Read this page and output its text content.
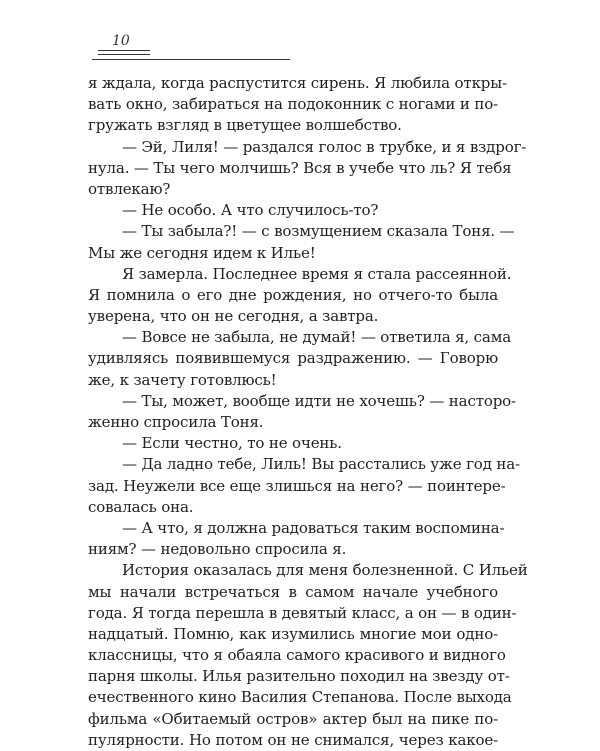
10
я ждала, когда распустится сирень. Я любила откры-
вать окно, забираться на подоконник с ногами и по-
гружать взгляд в цветущее волшебство.
— Эй, Лиля! — раздался голос в трубке, и я вздрог-
нула. — Ты чего молчишь? Вся в учебе что ль? Я тебя
отвлекаю?
— Не особо. А что случилось-то?
— Ты забыла?! — с возмущением сказала Тоня. —
Мы же сегодня идем к Илье!
Я замерла. Последнее время я стала рассеянной.
Я помнила о его дне рождения, но отчего-то была
уверена, что он не сегодня, а завтра.
— Вовсе не забыла, не думай! — ответила я, сама
удивляясь появившемуся раздражению. — Говорю
же, к зачету готовлюсь!
— Ты, может, вообще идти не хочешь? — насторо-
женно спросила Тоня.
— Если честно, то не очень.
— Да ладно тебе, Лиль! Вы расстались уже год на-
зад. Неужели все еще злишься на него? — поинтере-
совалась она.
— А что, я должна радоваться таким воспомина-
ниям? — недовольно спросила я.
История оказалась для меня болезненной. С Ильей
мы начали встречаться в самом начале учебного
года. Я тогда перешла в девятый класс, а он — в один-
надцатый. Помню, как изумились многие мои одно-
классницы, что я обаяла самого красивого и видного
парня школы. Илья разительно походил на звезду от-
ечественного кино Василия Степанова. После выхода
фильма «Обитаемый остров» актер был на пике по-
пулярности. Но потом он не снимался, через какое-
